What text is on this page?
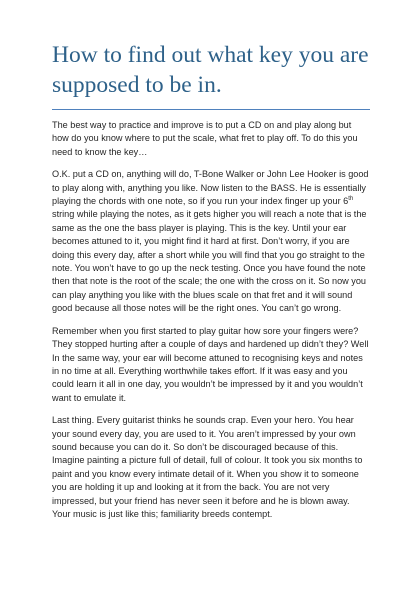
How to find out what key you are supposed to be in.

The best way to practice and improve is to put a CD on and play along but how do you know where to put the scale, what fret to play off. To do this you need to know the key…

O.K. put a CD on, anything will do, T-Bone Walker or John Lee Hooker is good to play along with, anything you like. Now listen to the BASS. He is essentially playing the chords with one note, so if you run your index finger up your 6th string while playing the notes, as it gets higher you will reach a note that is the same as the one the bass player is playing. This is the key. Until your ear becomes attuned to it, you might find it hard at first. Don’t worry, if you are doing this every day, after a short while you will find that you go straight to the note. You won’t have to go up the neck testing. Once you have found the note then that note is the root of the scale; the one with the cross on it. So now you can play anything you like with the blues scale on that fret and it will sound good because all those notes will be the right ones. You can’t go wrong.

Remember when you first started to play guitar how sore your fingers were? They stopped hurting after a couple of days and hardened up didn’t they? Well In the same way, your ear will become attuned to recognising keys and notes in no time at all. Everything worthwhile takes effort. If it was easy and you could learn it all in one day, you wouldn’t be impressed by it and you wouldn’t want to emulate it.

Last thing. Every guitarist thinks he sounds crap. Even your hero. You hear your sound every day, you are used to it. You aren’t impressed by your own sound because you can do it. So don’t be discouraged because of this. Imagine painting a picture full of detail, full of colour. It took you six months to paint and you know every intimate detail of it. When you show it to someone you are holding it up and looking at it from the back. You are not very impressed, but your friend has never seen it before and he is blown away. Your music is just like this; familiarity breeds contempt.
